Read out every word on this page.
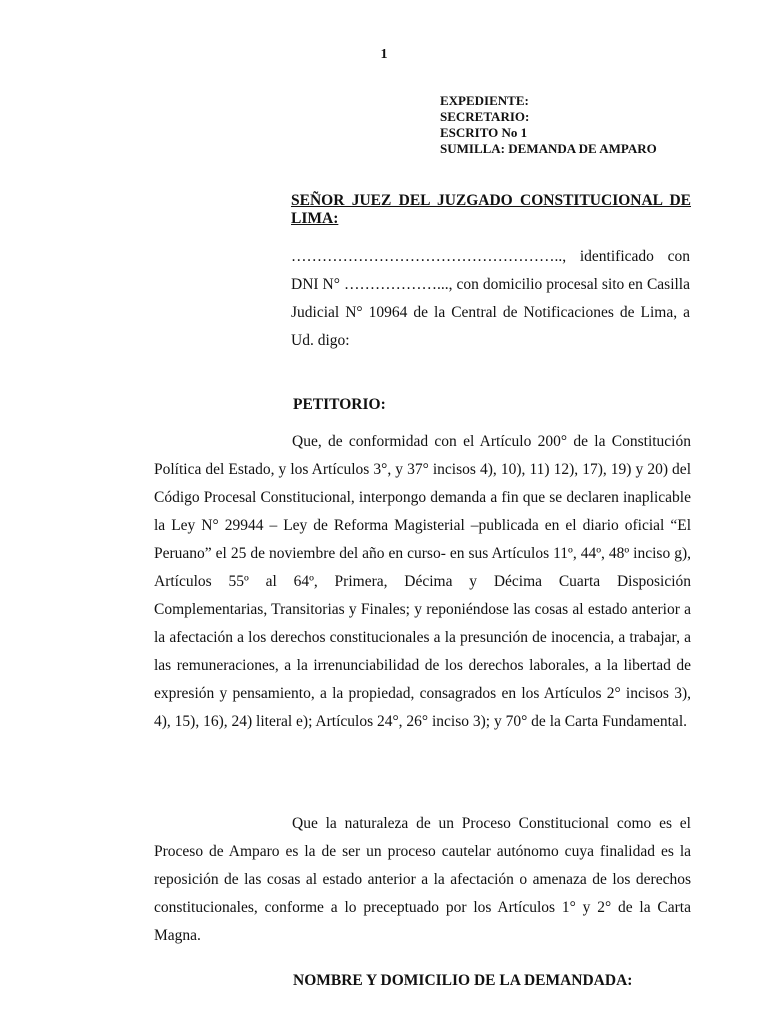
1
EXPEDIENTE:
SECRETARIO:
ESCRITO No 1
SUMILLA: DEMANDA DE AMPARO
SEÑOR JUEZ DEL JUZGADO CONSTITUCIONAL DE LIMA:
…………………………………………….., identificado con DNI N° ………………..., con domicilio procesal sito en Casilla Judicial N° 10964 de la Central de Notificaciones de Lima, a Ud. digo:
PETITORIO:
Que, de conformidad con el Artículo 200° de la Constitución Política del Estado, y los Artículos 3°, y 37° incisos 4), 10), 11) 12), 17), 19) y 20) del Código Procesal Constitucional, interpongo demanda a fin que se declaren inaplicable la Ley N° 29944 – Ley de Reforma Magisterial –publicada en el diario oficial “El Peruano” el 25 de noviembre del año en curso- en sus Artículos 11º, 44º, 48º inciso g), Artículos 55º al 64º, Primera, Décima y Décima Cuarta Disposición Complementarias, Transitorias y Finales; y reponiéndose las cosas al estado anterior a la afectación a los derechos constitucionales a la presunción de inocencia, a trabajar, a las remuneraciones, a la irrenunciabilidad de los derechos laborales, a la libertad de expresión y pensamiento, a la propiedad, consagrados en los Artículos 2° incisos 3), 4), 15), 16), 24) literal e); Artículos 24°, 26° inciso 3); y 70° de la Carta Fundamental.
Que la naturaleza de un Proceso Constitucional como es el Proceso de Amparo es la de ser un proceso cautelar autónomo cuya finalidad es la reposición de las cosas al estado anterior a la afectación o amenaza de los derechos constitucionales, conforme a lo preceptuado por los Artículos 1° y 2° de la Carta Magna.
NOMBRE Y DOMICILIO DE LA DEMANDADA:
